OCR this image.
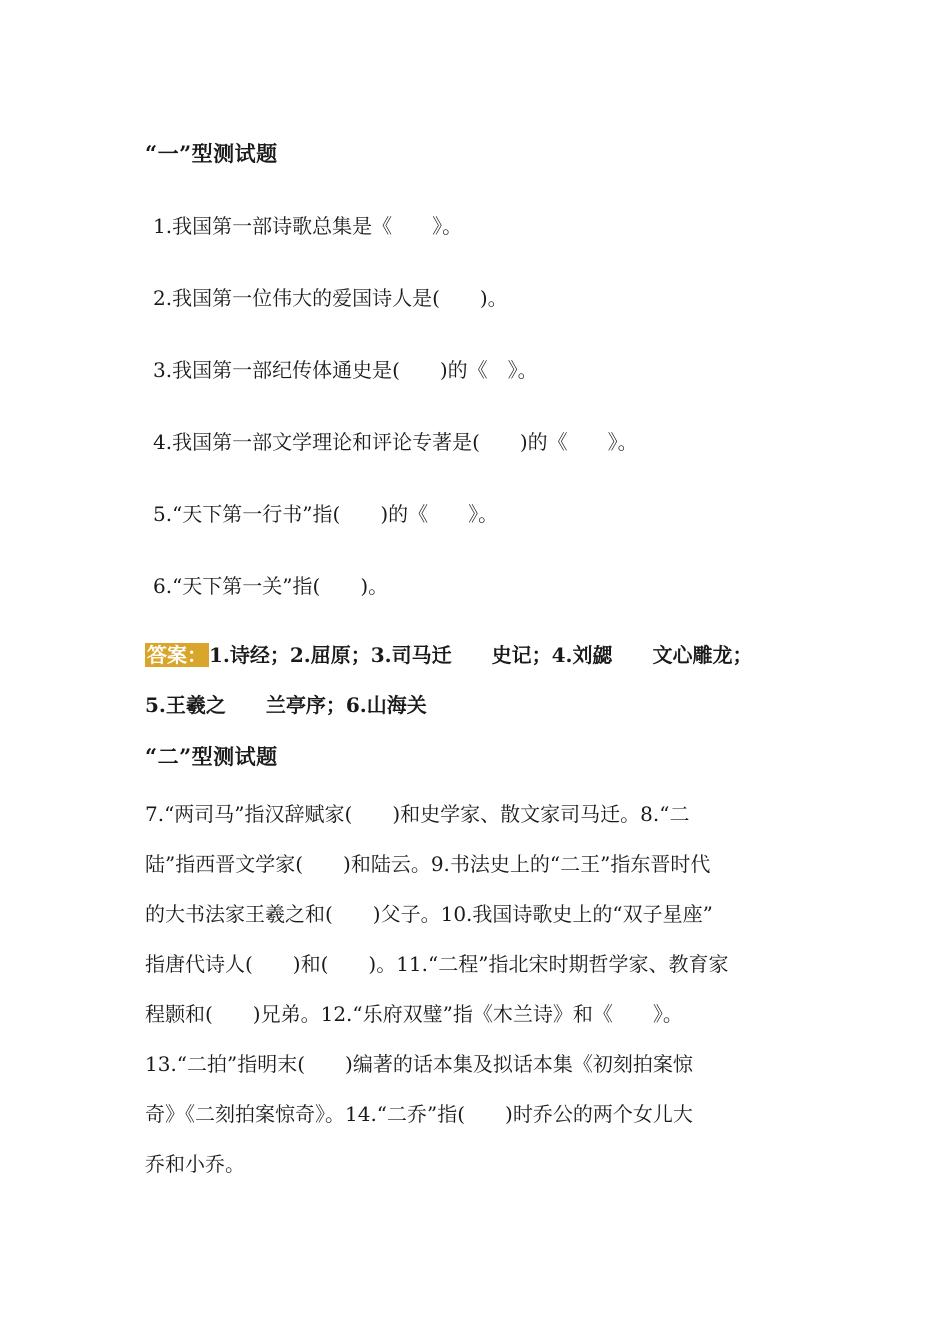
“一”型测试题
1.我国第一部诗歌总集是《　　》。
2.我国第一位伟大的爱国诗人是(　　)。
3.我国第一部纪传体通史是(　　)的《　》。
4.我国第一部文学理论和评论专著是(　　)的《　　》。
5.“天下第一行书”指(　　)的《　　》。
6.“天下第一关”指(　　)。
答案： 1.诗经；2.屈原；3.司马迁　　史记；4.刘勰　　文心雕龙；
5.王羲之　　兰亭序；6.山海关
“二”型测试题
7.“两司马”指汉辞赋家(　　)和史学家、散文家司马迁。8.“二
陆”指西晋文学家(　　)和陆云。9.书法史上的“二王”指东晋时代
的大书法家王羲之和(　　)父子。10.我国诗歌史上的“双子星座”
指唐代诗人(　　)和(　　)。11.“二程”指北宋时期哲学家、教育家
程颢和(　　)兄弟。12.“乐府双璧”指《木兰诗》和《　　》。
13.“二拍”指明末(　　)编著的话本集及拟话本集《初刻拍案惊
奇》《二刻拍案惊奇》。14.“二乔”指(　　)时乔公的两个女儿大
乔和小乔。
